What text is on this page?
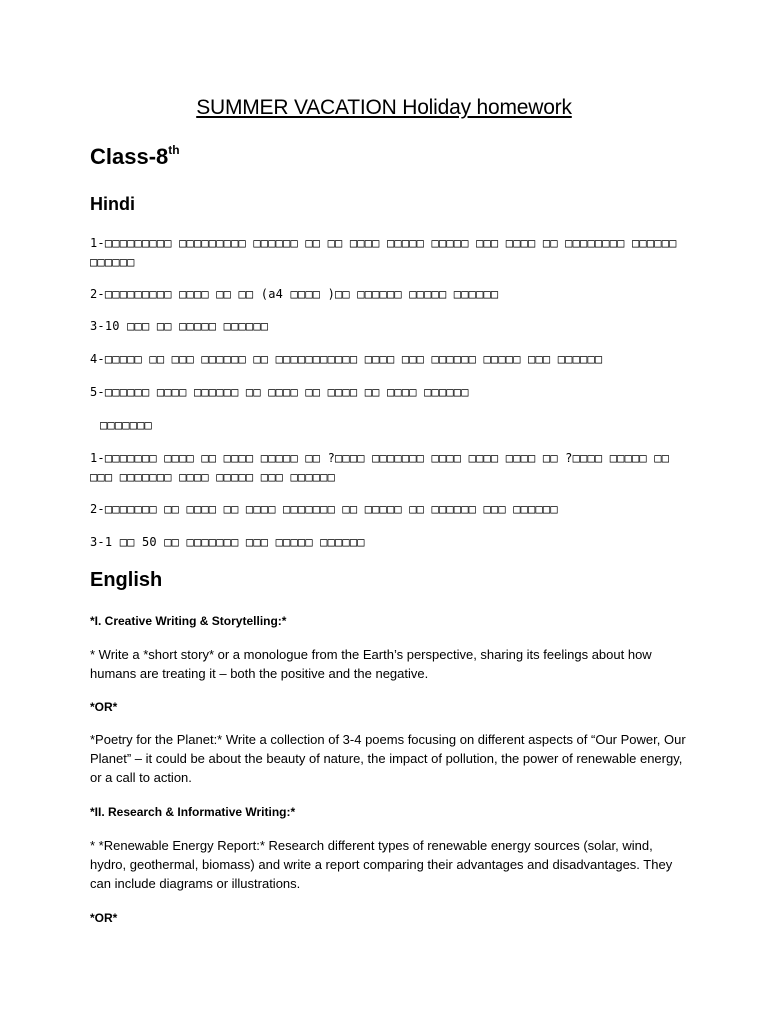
SUMMER VACATION Holiday homework
Class-8th
Hindi
1-□□□□□□□□□ □□□□□□□□□ □□□□□□ □□ □□ □□□□ □□□□□ □□□□□ □□□ □□□□ □□ □□□□□□□□ □□□□□□ □□□□□□
2-□□□□□□□□□ □□□□ □□ □□ (a4 □□□□ )□□ □□□□□□ □□□□□ □□□□□□
3-10 □□□ □□ □□□□□ □□□□□□
4-□□□□□ □□ □□□ □□□□□□ □□ □□□□□□□□□□□ □□□□ □□□ □□□□□□ □□□□□ □□□ □□□□□□
5-□□□□□□ □□□□ □□□□□□ □□ □□□□ □□ □□□□ □□ □□□□ □□□□□□
□□□□□□□
1-□□□□□□□ □□□□ □□ □□□□ □□□□□ □□ ?□□□□ □□□□□□□ □□□□ □□□□ □□□□ □□ ?□□□□ □□□□□ □□ □□□ □□□□□□□ □□□□ □□□□□ □□□ □□□□□□
2-□□□□□□□ □□ □□□□ □□ □□□□ □□□□□□□ □□ □□□□□ □□ □□□□□□ □□□ □□□□□□
3-1 □□ 50 □□ □□□□□□□ □□□ □□□□□ □□□□□□
English
*I. Creative Writing & Storytelling:*
* Write a *short story* or a monologue from the Earth’s perspective, sharing its feelings about how humans are treating it – both the positive and the negative.
*OR*
*Poetry for the Planet:* Write a collection of 3-4 poems focusing on different aspects of “Our Power, Our Planet” – it could be about the beauty of nature, the impact of pollution, the power of renewable energy, or a call to action.
*II. Research & Informative Writing:*
* *Renewable Energy Report:* Research different types of renewable energy sources (solar, wind, hydro, geothermal, biomass) and write a report comparing their advantages and disadvantages. They can include diagrams or illustrations.
*OR*
